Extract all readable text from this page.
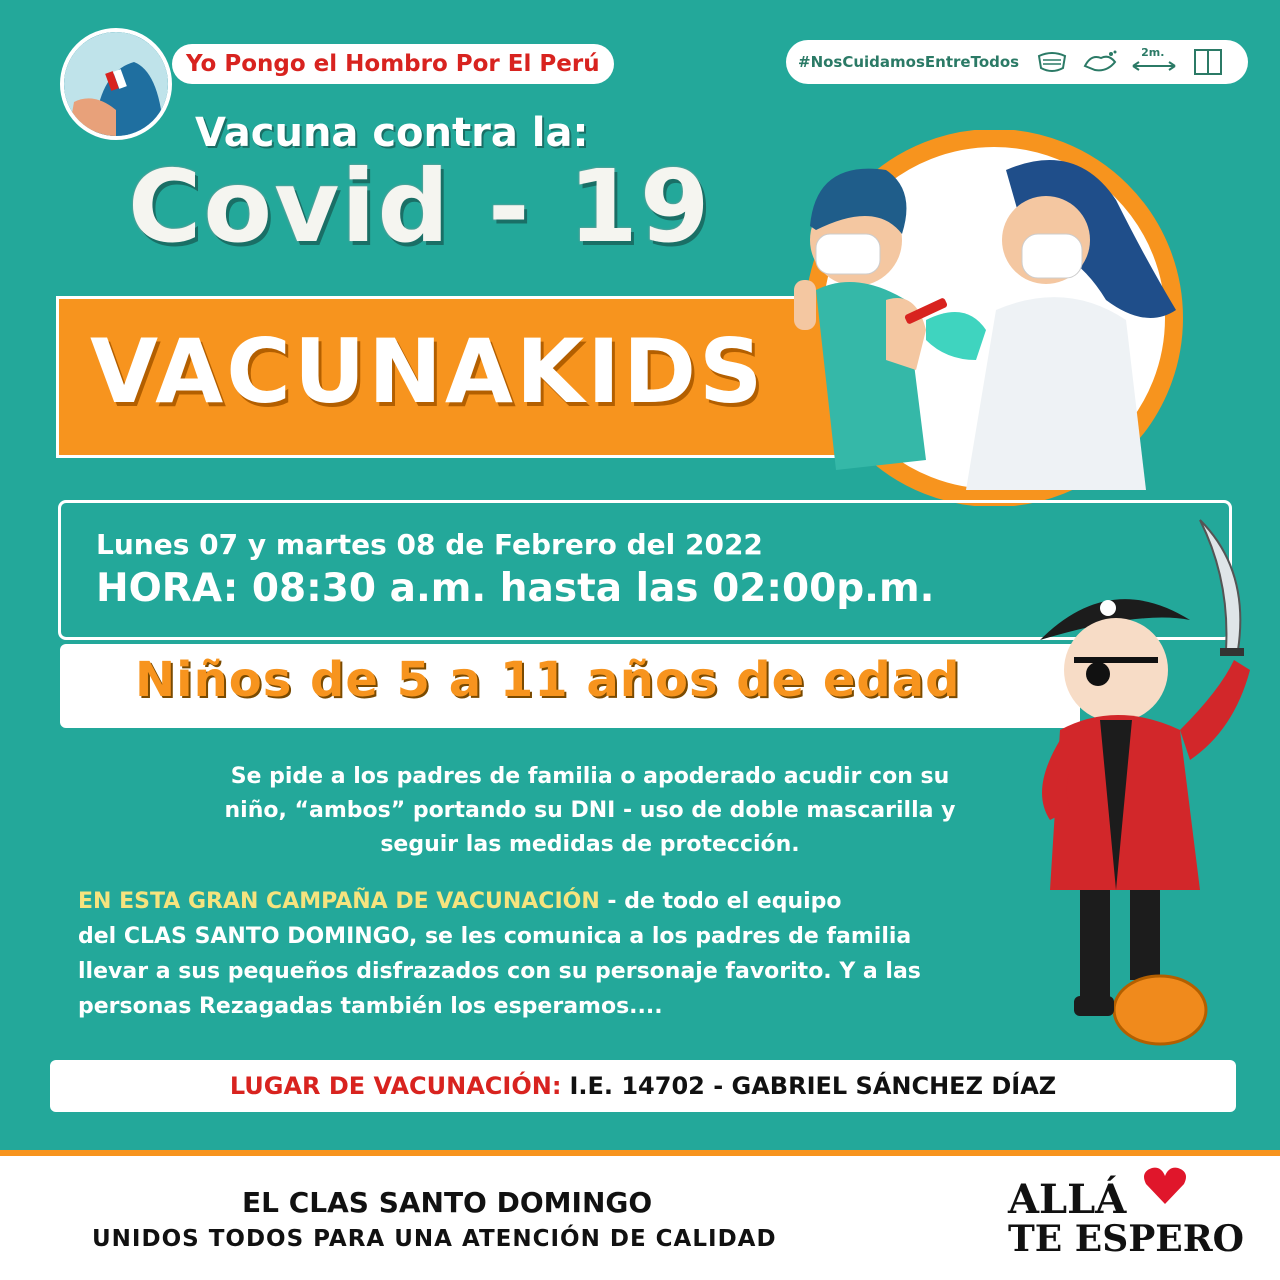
Yo Pongo el Hombro Por El Perú	#NosCuidamosEntreTodos
2m.
Vacuna contra la:
Covid - 19
VACUNAKIDS
Lunes 07 y martes 08 de Febrero del 2022
HORA: 08:30 a.m. hasta las 02:00p.m.
Niños de 5 a 11 años de edad
Se pide a los padres de familia o apoderado acudir con su
niño, “ambos” portando su DNI - uso de doble mascarilla y
seguir las medidas de protección.
EN ESTA GRAN CAMPAÑA DE VACUNACIÓN - de todo el equipo
del CLAS SANTO DOMINGO, se les comunica a los padres de familia
llevar a sus pequeños disfrazados con su personaje favorito. Y a las
personas Rezagadas también los esperamos....
LUGAR DE VACUNACIÓN: I.E. 14702 - GABRIEL SÁNCHEZ DÍAZ
EL CLAS SANTO DOMINGO
UNIDOS TODOS PARA UNA ATENCIÓN DE CALIDAD
ALLÁ
TE ESPERO
